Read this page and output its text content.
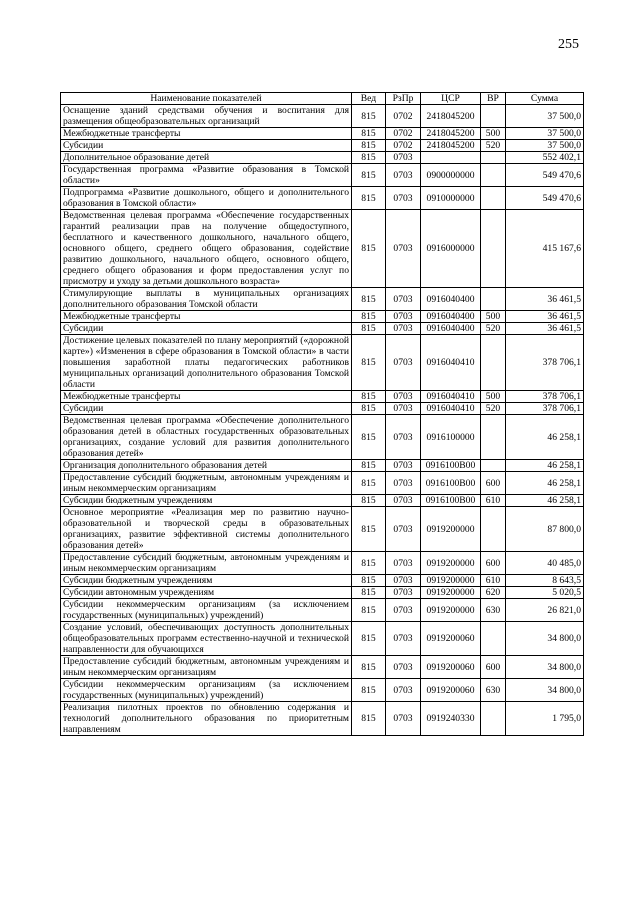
255
Наименование показателей	Вед	РзПр	ЦСР	ВР	Сумма
Оснащение зданий средствами обучения и воспитания для размещения общеобразовательных организаций	815	0702	2418045200		37 500,0
Межбюджетные трансферты	815	0702	2418045200	500	37 500,0
Субсидии	815	0702	2418045200	520	37 500,0
Дополнительное образование детей	815	0703			552 402,1
Государственная программа «Развитие образования в Томской области»	815	0703	0900000000		549 470,6
Подпрограмма «Развитие дошкольного, общего и дополнительного образования в Томской области»	815	0703	0910000000		549 470,6
Ведомственная целевая программа «Обеспечение государственных гарантий реализации прав на получение общедоступного, бесплатного и качественного дошкольного, начального общего, основного общего, среднего общего образования, содействие развитию дошкольного, начального общего, основного общего, среднего общего образования и форм предоставления услуг по присмотру и уходу за детьми дошкольного возраста»	815	0703	0916000000		415 167,6
Стимулирующие выплаты в муниципальных организациях дополнительного образования Томской области	815	0703	0916040400		36 461,5
Межбюджетные трансферты	815	0703	0916040400	500	36 461,5
Субсидии	815	0703	0916040400	520	36 461,5
Достижение целевых показателей по плану мероприятий («дорожной карте») «Изменения в сфере образования в Томской области» в части повышения заработной платы педагогических работников муниципальных организаций дополнительного образования Томской области	815	0703	0916040410		378 706,1
Межбюджетные трансферты	815	0703	0916040410	500	378 706,1
Субсидии	815	0703	0916040410	520	378 706,1
Ведомственная целевая программа «Обеспечение дополнительного образования детей в областных государственных образовательных организациях, создание условий для развития дополнительного образования детей»	815	0703	0916100000		46 258,1
Организация дополнительного образования детей	815	0703	0916100В00		46 258,1
Предоставление субсидий бюджетным, автономным учреждениям и иным некоммерческим организациям	815	0703	0916100В00	600	46 258,1
Субсидии бюджетным учреждениям	815	0703	0916100В00	610	46 258,1
Основное мероприятие «Реализация мер по развитию научно-образовательной и творческой среды в образовательных организациях, развитие эффективной системы дополнительного образования детей»	815	0703	0919200000		87 800,0
Предоставление субсидий бюджетным, автономным учреждениям и иным некоммерческим организациям	815	0703	0919200000	600	40 485,0
Субсидии бюджетным учреждениям	815	0703	0919200000	610	8 643,5
Субсидии автономным учреждениям	815	0703	0919200000	620	5 020,5
Субсидии некоммерческим организациям (за исключением государственных (муниципальных) учреждений)	815	0703	0919200000	630	26 821,0
Создание условий, обеспечивающих доступность дополнительных общеобразовательных программ естественно-научной и технической направленности для обучающихся	815	0703	0919200060		34 800,0
Предоставление субсидий бюджетным, автономным учреждениям и иным некоммерческим организациям	815	0703	0919200060	600	34 800,0
Субсидии некоммерческим организациям (за исключением государственных (муниципальных) учреждений)	815	0703	0919200060	630	34 800,0
Реализация пилотных проектов по обновлению содержания и технологий дополнительного образования по приоритетным направлениям	815	0703	0919240330		1 795,0
